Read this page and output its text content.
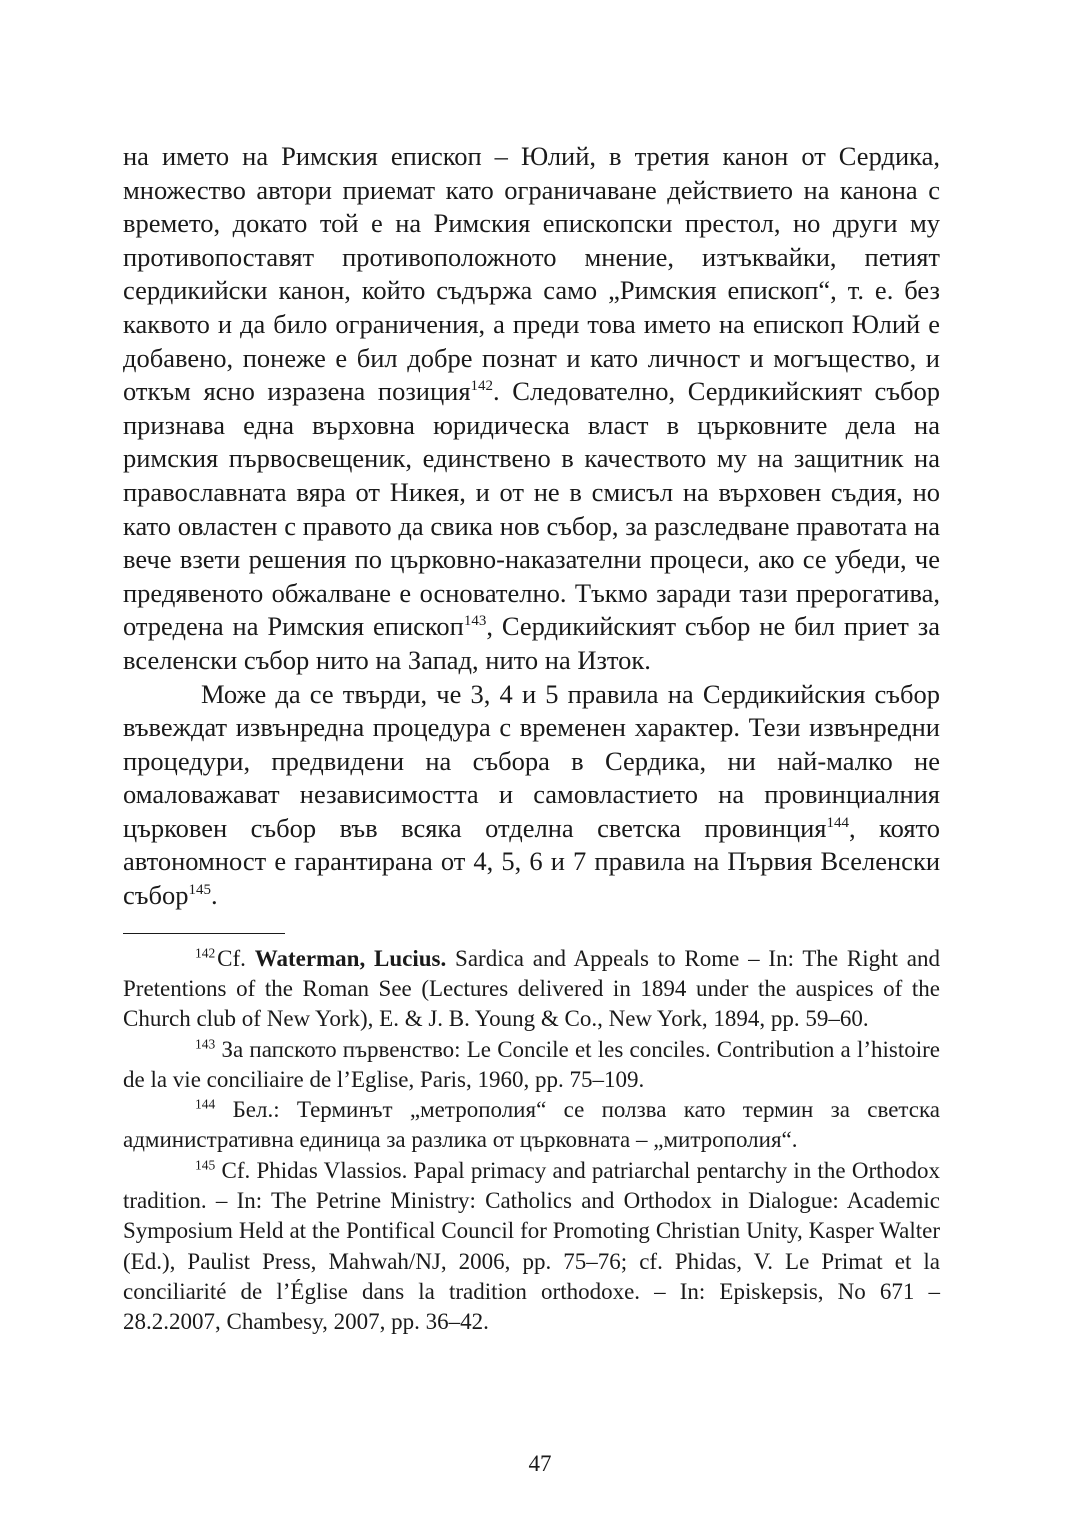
на името на Римския епископ – Юлий, в третия канон от Сердика, множество автори приемат като ограничаване действието на канона с времето, докато той е на Римския епископски престол, но други му противопоставят противоположното мнение, изтъквайки, петият сердикийски канон, който съдържа само „Римския епископ“, т. е. без каквото и да било ограничения, а преди това името на епископ Юлий е добавено, понеже е бил добре познат и като личност и могъщество, и откъм ясно изразена позиция$^{142}$. Следователно, Сердикийският събор признава една върховна юридическа власт в църковните дела на римския първосвещеник, единствено в качеството му на защитник на православната вяра от Никея, и от не в смисъл на върховен съдия, но като овластен с правото да свика нов събор, за разследване правотата на вече взети решения по църковно-наказателни процеси, ако се убеди, че предявеното обжалване е основателно. Тъкмо заради тази прерогатива, отредена на Римския епископ$^{143}$, Сердикийският събор не бил приет за вселенски събор нито на Запад, нито на Изток.

Може да се твърди, че 3, 4 и 5 правила на Сердикийския събор въвеждат извънредна процедура с временен характер. Тези извънредни процедури, предвидени на събора в Сердика, ни най-малко не омаловажават независимостта и самовластието на провинциалния църковен събор във всяка отделна светска провинция$^{144}$, която автономност е гарантирана от 4, 5, 6 и 7 правила на Първия Вселенски събор$^{145}$.

$^{142}$ Cf. Waterman, Lucius. Sardica and Appeals to Rome – In: The Right and Pretentions of the Roman See (Lectures delivered in 1894 under the auspices of the Church club of New York), E. & J. B. Young & Co., New York, 1894, pp. 59–60.

$^{143}$ За папското първенство: Le Concile et les conciles. Contribution a l’histoire de la vie conciliaire de l’Eglise, Paris, 1960, pp. 75–109.

$^{144}$ Бел.: Терминът „метрополия“ се ползва като термин за светска административна единица за разлика от църковната – „митрополия“.

$^{145}$ Cf. Phidas Vlassios. Papal primacy and patriarchal pentarchy in the Orthodox tradition. – In: The Petrine Ministry: Catholics and Orthodox in Dialogue: Academic Symposium Held at the Pontifical Council for Promoting Christian Unity, Kasper Walter (Ed.), Paulist Press, Mahwah/NJ, 2006, pp. 75–76; cf. Phidas, V. Le Primat et la conciliarité de l’Église dans la tradition orthodoxe. – In: Episkepsis, No 671 – 28.2.2007, Chambesy, 2007, pp. 36–42.

47
